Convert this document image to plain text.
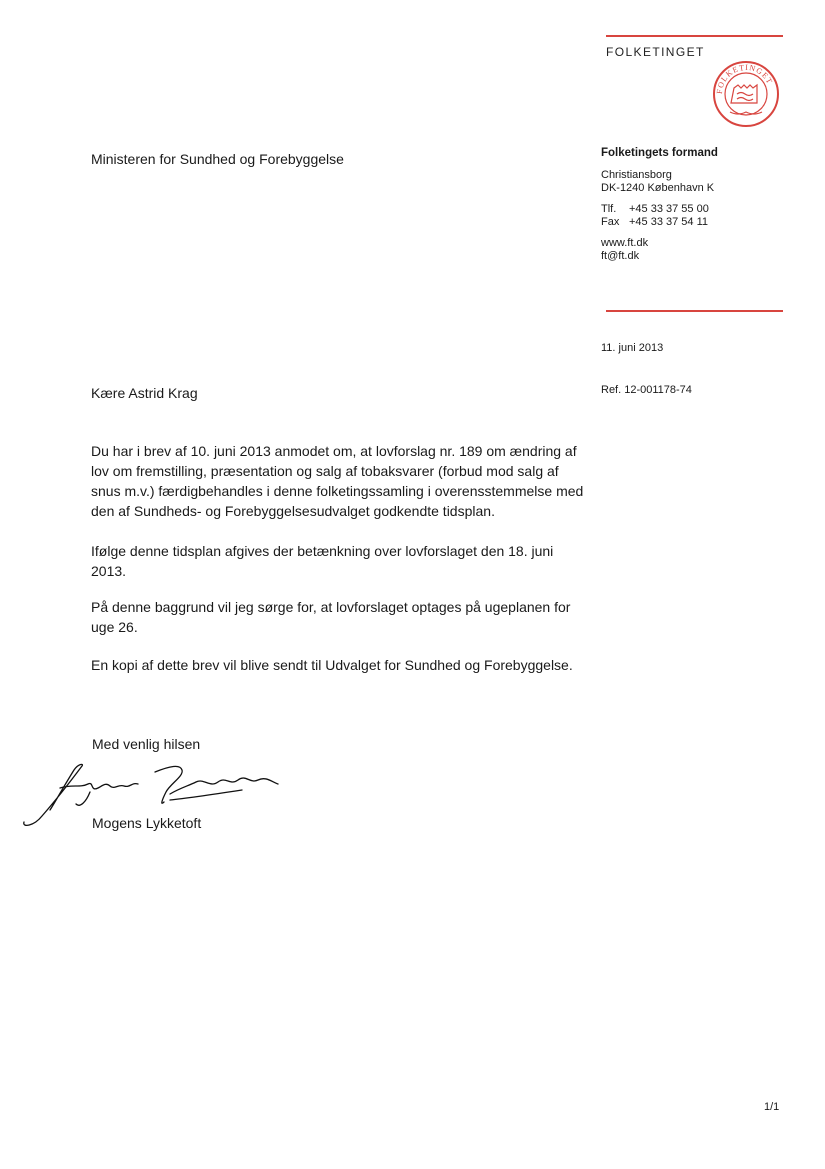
FOLKETINGET
FOLKETINGET
Ministeren for Sundhed og Forebyggelse	Folketingets formand
Christiansborg
DK-1240 København K
Tlf. +45 33 37 55 00
Fax +45 33 37 54 11
www.ft.dk
ft@ft.dk
11. juni 2013
Ref. 12-001178-74
Kære Astrid Krag
Du har i brev af 10. juni 2013 anmodet om, at lovforslag nr. 189 om ændring af lov om fremstilling, præsentation og salg af tobaksvarer (forbud mod salg af snus m.v.) færdigbehandles i denne folketingssamling i overensstemmelse med den af Sundheds- og Forebyggelsesudvalget godkendte tidsplan.
Ifølge denne tidsplan afgives der betænkning over lovforslaget den 18. juni 2013.
På denne baggrund vil jeg sørge for, at lovforslaget optages på ugeplanen for uge 26.
En kopi af dette brev vil blive sendt til Udvalget for Sundhed og Forebyggelse.
Med venlig hilsen
Mogens Lykketoft
1/1
